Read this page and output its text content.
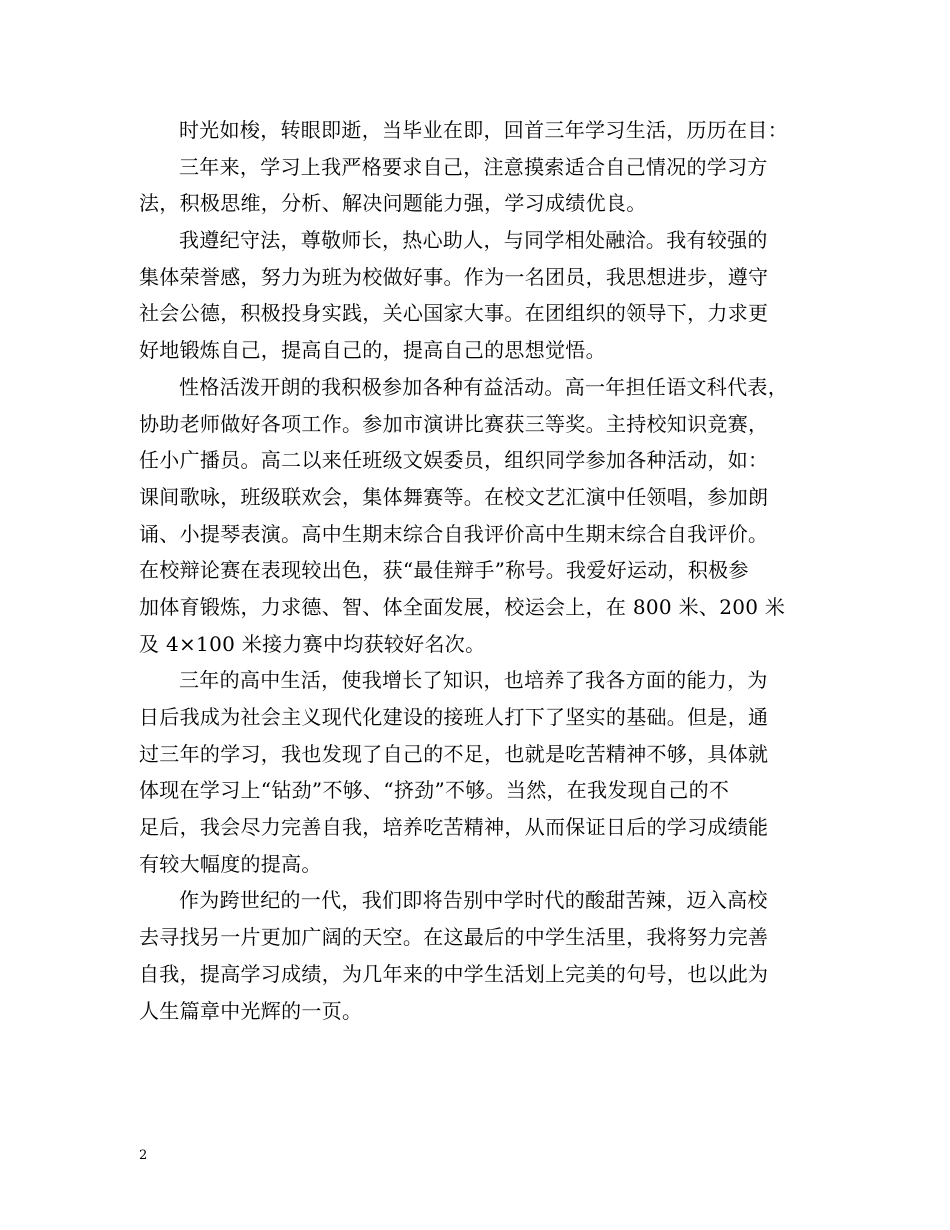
时光如梭，转眼即逝，当毕业在即，回首三年学习生活，历历在目：
三年来，学习上我严格要求自己，注意摸索适合自己情况的学习方
法，积极思维，分析、解决问题能力强，学习成绩优良。
我遵纪守法，尊敬师长，热心助人，与同学相处融洽。我有较强的
集体荣誉感，努力为班为校做好事。作为一名团员，我思想进步，遵守
社会公德，积极投身实践，关心国家大事。在团组织的领导下，力求更
好地锻炼自己，提高自己的，提高自己的思想觉悟。
性格活泼开朗的我积极参加各种有益活动。高一年担任语文科代表，
协助老师做好各项工作。参加市演讲比赛获三等奖。主持校知识竞赛，
任小广播员。高二以来任班级文娱委员，组织同学参加各种活动，如：
课间歌咏，班级联欢会，集体舞赛等。在校文艺汇演中任领唱，参加朗
诵、小提琴表演。高中生期末综合自我评价高中生期末综合自我评价。
在校辩论赛在表现较出色，获“最佳辩手”称号。我爱好运动，积极参
加体育锻炼，力求德、智、体全面发展，校运会上，在 800 米、200 米
及 4×100 米接力赛中均获较好名次。
三年的高中生活，使我增长了知识，也培养了我各方面的能力，为
日后我成为社会主义现代化建设的接班人打下了坚实的基础。但是，通
过三年的学习，我也发现了自己的不足，也就是吃苦精神不够，具体就
体现在学习上“钻劲”不够、“挤劲”不够。当然，在我发现自己的不
足后，我会尽力完善自我，培养吃苦精神，从而保证日后的学习成绩能
有较大幅度的提高。
作为跨世纪的一代，我们即将告别中学时代的酸甜苦辣，迈入高校
去寻找另一片更加广阔的天空。在这最后的中学生活里，我将努力完善
自我，提高学习成绩，为几年来的中学生活划上完美的句号，也以此为
人生篇章中光辉的一页。
2
